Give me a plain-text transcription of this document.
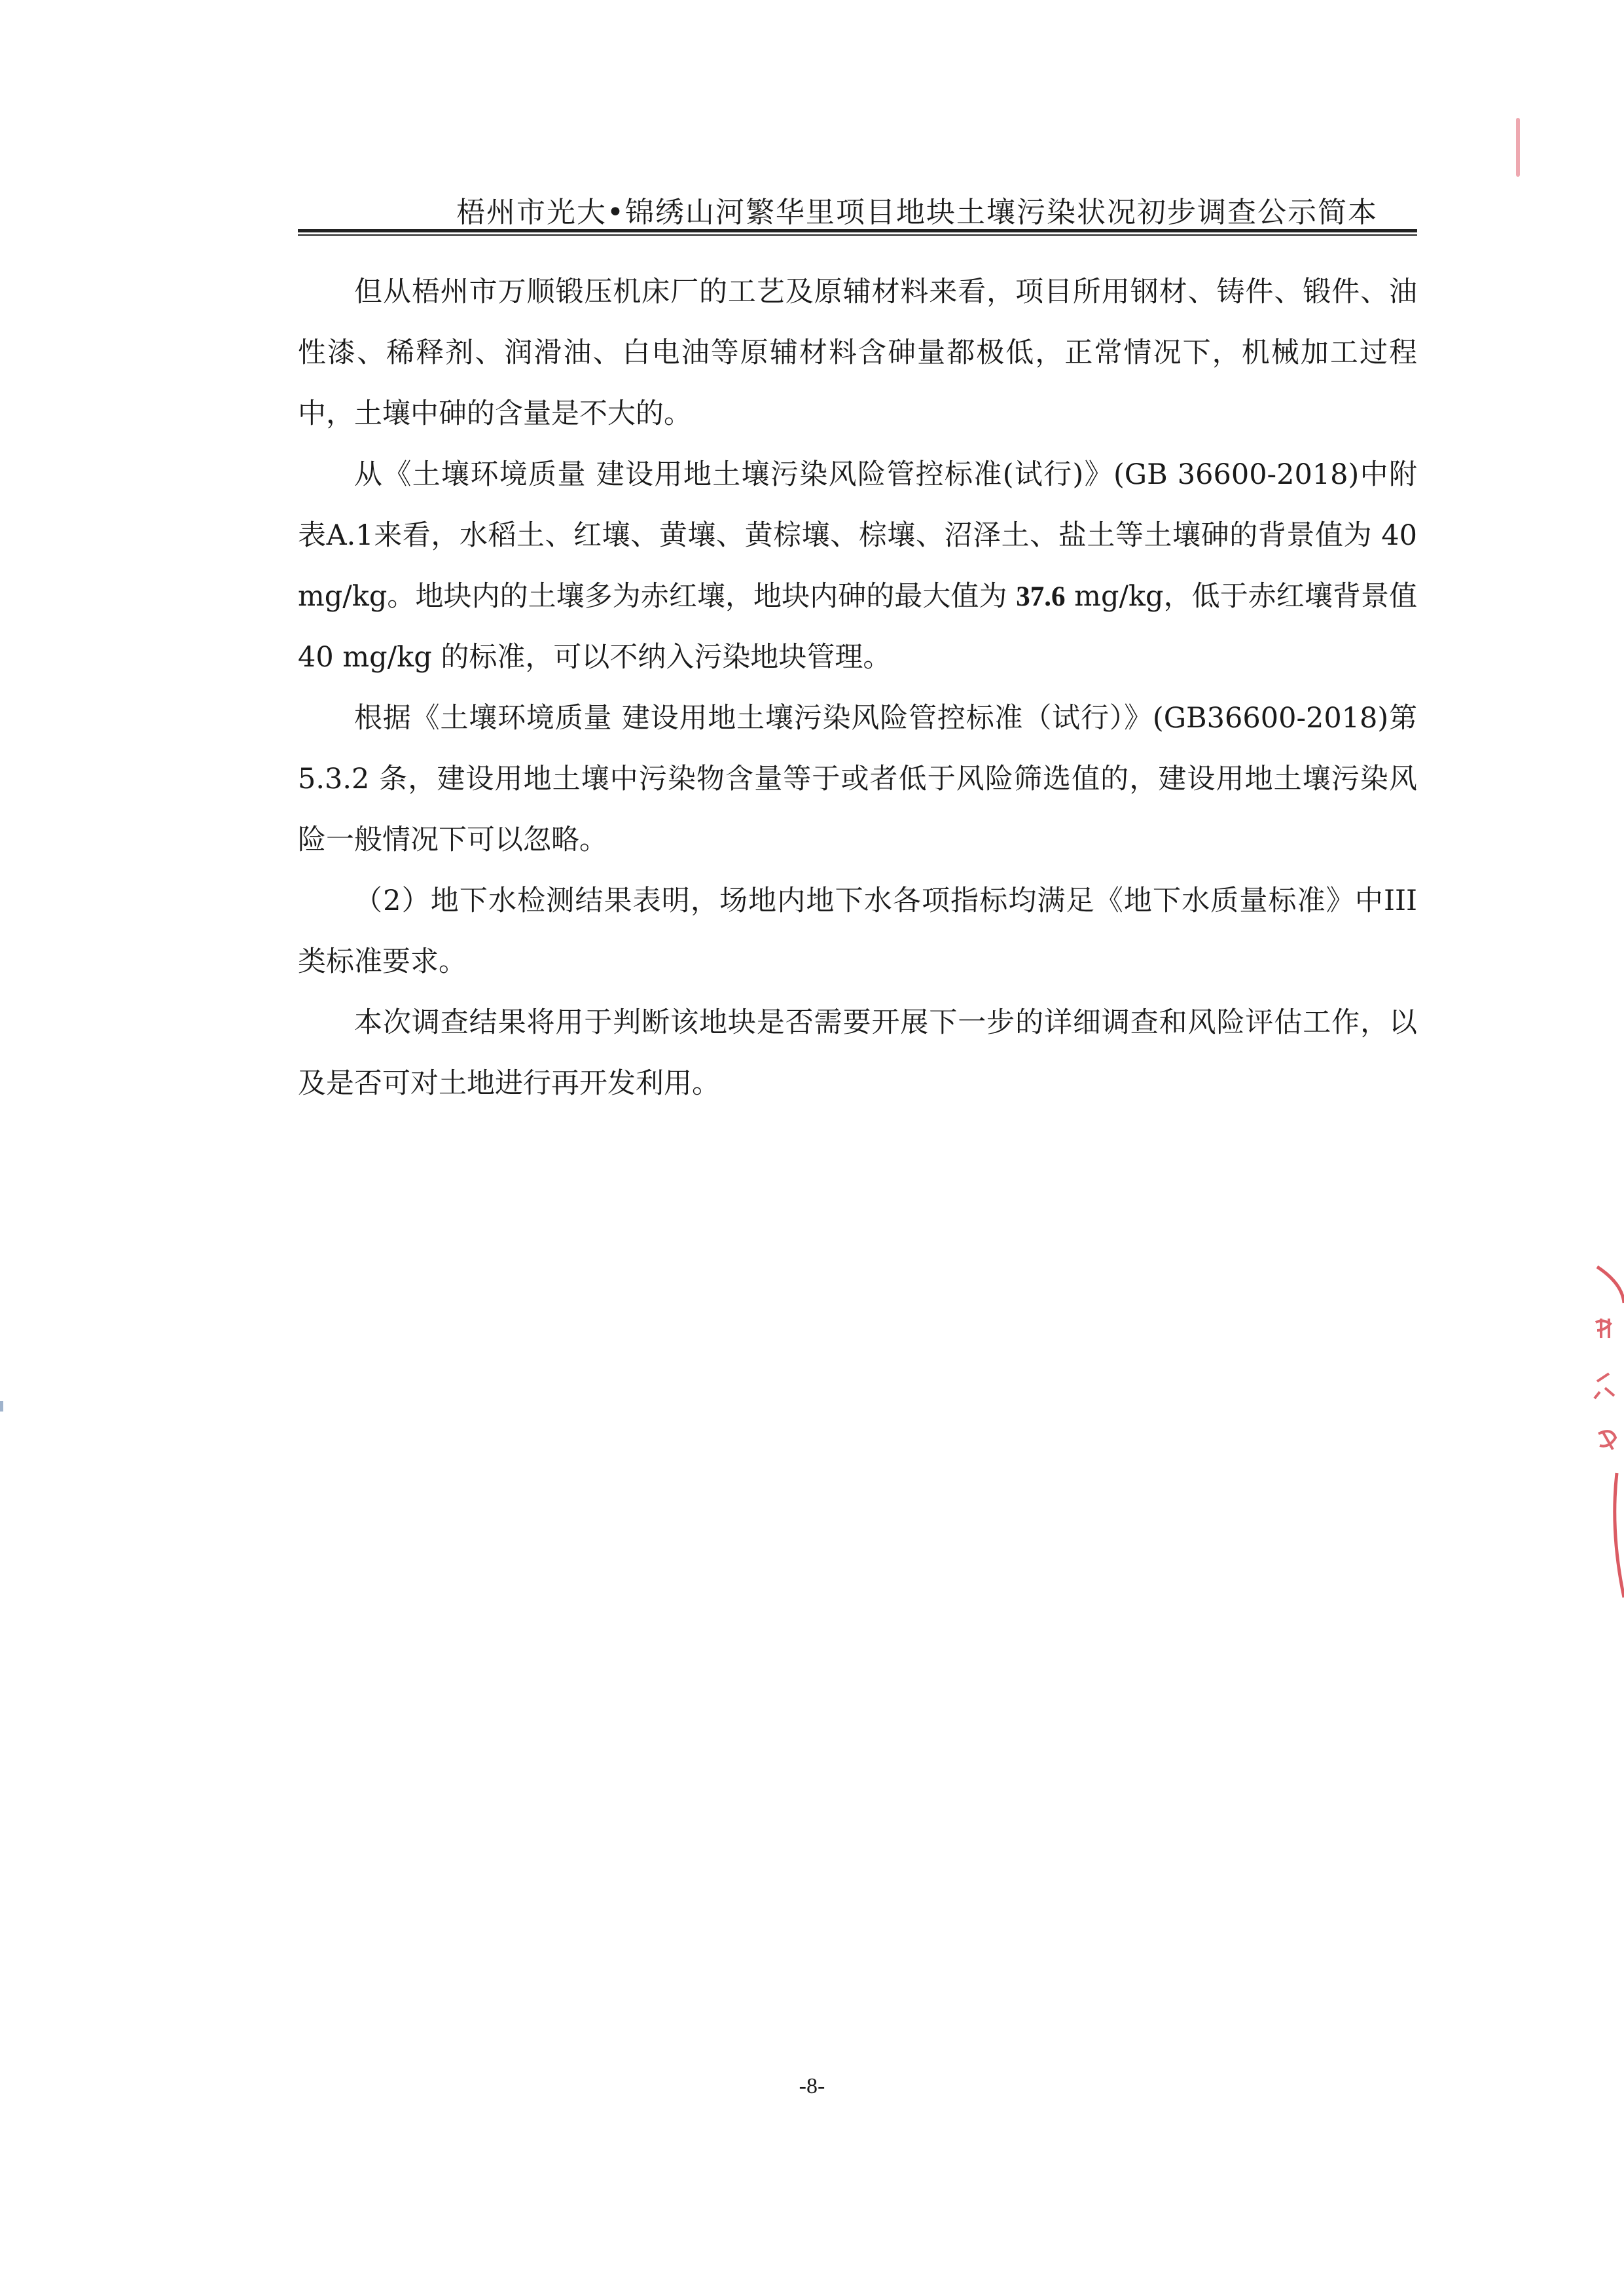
梧州市光大•锦绣山河繁华里项目地块土壤污染状况初步调查公示简本

但从梧州市万顺锻压机床厂的工艺及原辅材料来看，项目所用钢材、铸件、锻件、油性漆、稀释剂、润滑油、白电油等原辅材料含砷量都极低，正常情况下，机械加工过程中，土壤中砷的含量是不大的。

从《土壤环境质量 建设用地土壤污染风险管控标准(试行)》(GB 36600-2018)中附表A.1来看，水稻土、红壤、黄壤、黄棕壤、棕壤、沼泽土、盐土等土壤砷的背景值为 40 mg/kg。地块内的土壤多为赤红壤，地块内砷的最大值为 37.6 mg/kg，低于赤红壤背景值 40 mg/kg 的标准，可以不纳入污染地块管理。

根据《土壤环境质量 建设用地土壤污染风险管控标准（试行）》(GB36600-2018)第 5.3.2 条，建设用地土壤中污染物含量等于或者低于风险筛选值的，建设用地土壤污染风险一般情况下可以忽略。

（2）地下水检测结果表明，场地内地下水各项指标均满足《地下水质量标准》中III 类标准要求。

本次调查结果将用于判断该地块是否需要开展下一步的详细调查和风险评估工作，以及是否可对土地进行再开发利用。

-8-
